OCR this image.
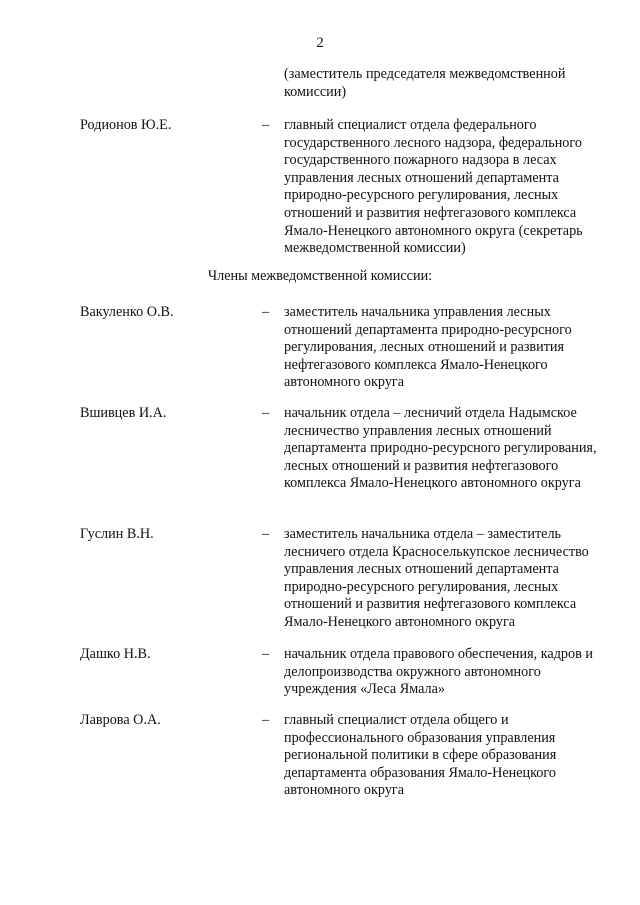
2

(заместитель председателя межведомственной комиссии)

Родионов Ю.Е.	– главный специалист отдела федерального государственного лесного надзора, федерального государственного пожарного надзора в лесах управления лесных отношений департамента природно-ресурсного регулирования, лесных отношений и развития нефтегазового комплекса Ямало-Ненецкого автономного округа (секретарь межведомственной комиссии)

Члены межведомственной комиссии:
Вакуленко О.В.	– заместитель начальника управления лесных отношений департамента природно-ресурсного регулирования, лесных отношений и развития нефтегазового комплекса Ямало-Ненецкого автономного округа

Вшивцев И.А.	– начальник отдела – лесничий отдела Надымское лесничество управления лесных отношений департамента природно-ресурсного регулирования, лесных отношений и развития нефтегазового комплекса Ямало-Ненецкого автономного округа

Гуслин В.Н.	– заместитель начальника отдела – заместитель лесничего отдела Красноселькупское лесничество управления лесных отношений департамента природно-ресурсного регулирования, лесных отношений и развития нефтегазового комплекса Ямало-Ненецкого автономного округа

Дашко Н.В.	– начальник отдела правового обеспечения, кадров и делопроизводства окружного автономного учреждения «Леса Ямала»

Лаврова О.А.	– главный специалист отдела общего и профессионального образования управления региональной политики в сфере образования департамента образования Ямало-Ненецкого автономного округа
